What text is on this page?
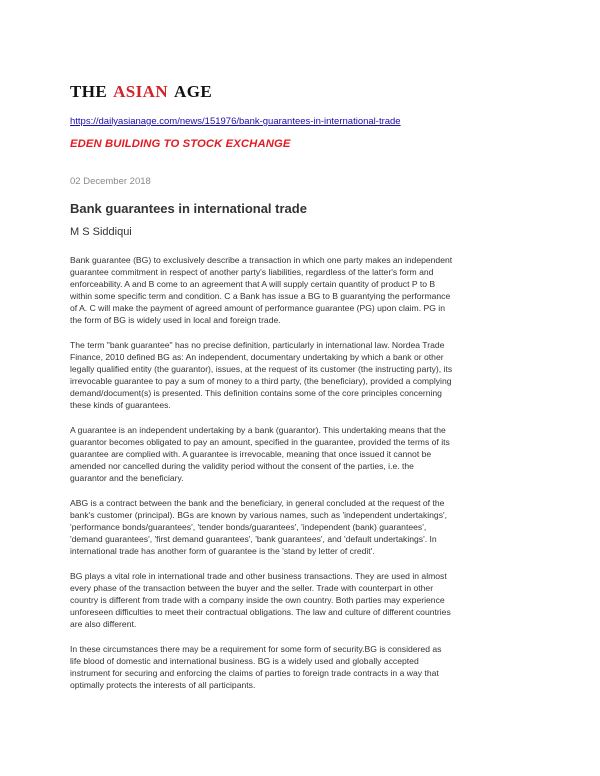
THE ASIAN AGE
https://dailyasianage.com/news/151976/bank-guarantees-in-international-trade
EDEN BUILDING TO STOCK EXCHANGE
02 December 2018
Bank guarantees in international trade
M S Siddiqui

Bank guarantee (BG) to exclusively describe a transaction in which one party makes an independent
guarantee commitment in respect of another party's liabilities, regardless of the latter's form and
enforceability. A and B come to an agreement that A will supply certain quantity of product P to B
within some specific term and condition. C a Bank has issue a BG to B guarantying the performance
of A. C will make the payment of agreed amount of performance guarantee (PG) upon claim. PG in
the form of BG is widely used in local and foreign trade.

The term "bank guarantee" has no precise definition, particularly in international law. Nordea Trade
Finance, 2010 defined BG as: An independent, documentary undertaking by which a bank or other
legally qualified entity (the guarantor), issues, at the request of its customer (the instructing party), its
irrevocable guarantee to pay a sum of money to a third party, (the beneficiary), provided a complying
demand/document(s) is presented. This definition contains some of the core principles concerning
these kinds of guarantees.

A guarantee is an independent undertaking by a bank (guarantor). This undertaking means that the
guarantor becomes obligated to pay an amount, specified in the guarantee, provided the terms of its
guarantee are complied with. A guarantee is irrevocable, meaning that once issued it cannot be
amended nor cancelled during the validity period without the consent of the parties, i.e. the
guarantor and the beneficiary.

ABG is a contract between the bank and the beneficiary, in general concluded at the request of the
bank's customer (principal). BGs are known by various names, such as 'independent undertakings',
'performance bonds/guarantees', 'tender bonds/guarantees', 'independent (bank) guarantees',
'demand guarantees', 'first demand guarantees', 'bank guarantees', and 'default undertakings'. In
international trade has another form of guarantee is the 'stand by letter of credit'.

BG plays a vital role in international trade and other business transactions. They are used in almost
every phase of the transaction between the buyer and the seller. Trade with counterpart in other
country is different from trade with a company inside the own country. Both parties may experience
unforeseen difficulties to meet their contractual obligations. The law and culture of different countries
are also different.

In these circumstances there may be a requirement for some form of security.BG is considered as
life blood of domestic and international business. BG is a widely used and globally accepted
instrument for securing and enforcing the claims of parties to foreign trade contracts in a way that
optimally protects the interests of all participants.
